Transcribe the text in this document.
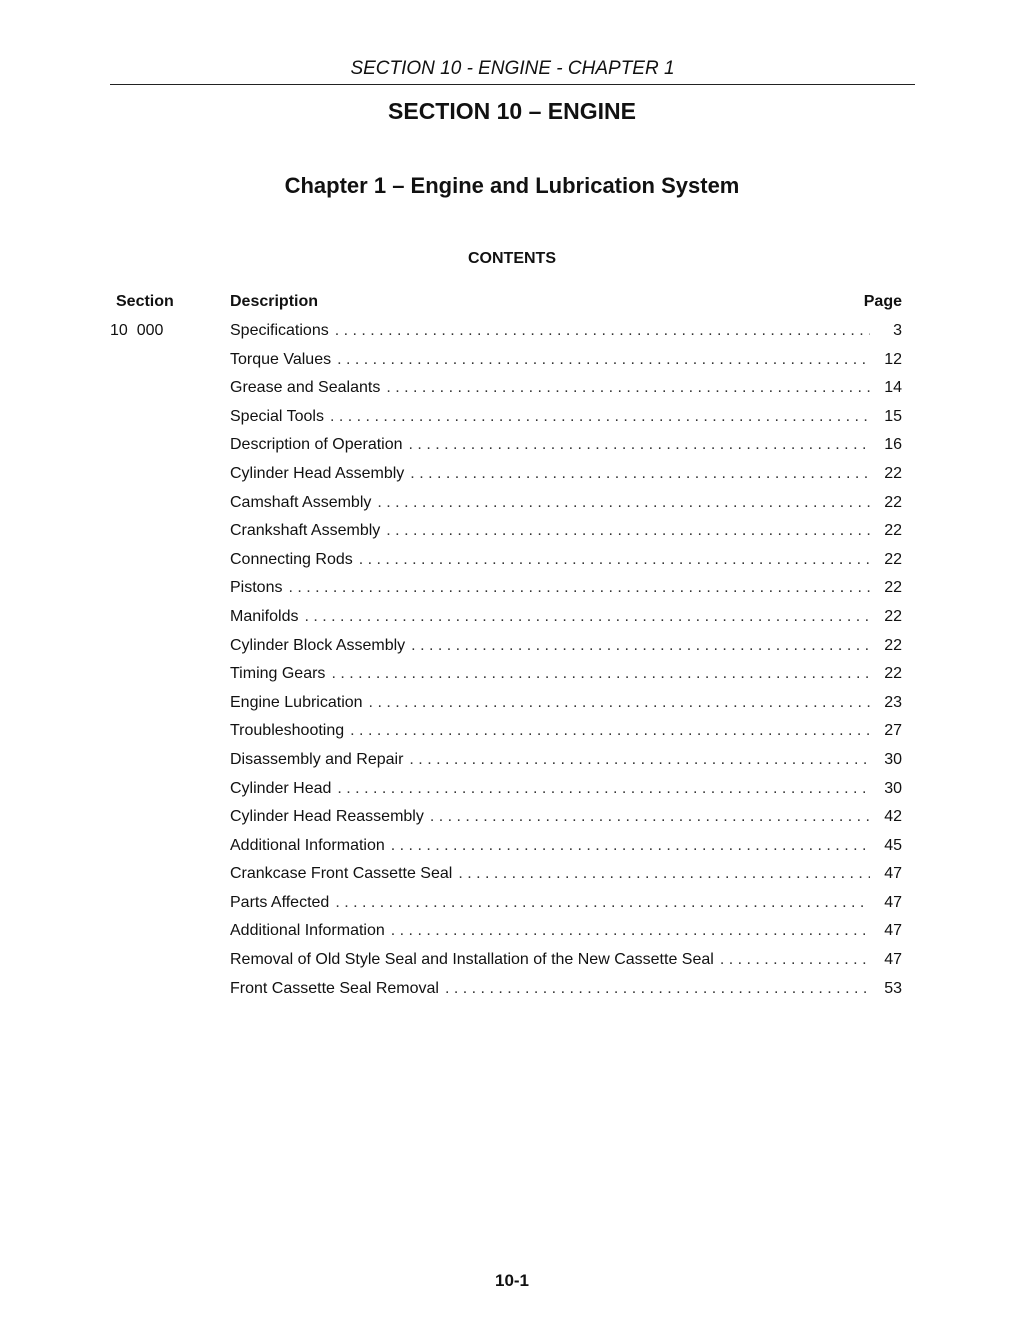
SECTION 10 - ENGINE - CHAPTER 1
SECTION 10 – ENGINE
Chapter 1 – Engine and Lubrication System
CONTENTS
Section	Description	Page
10  000	Specifications . . .	3
Torque Values . . .	12
Grease and Sealants . . .	14
Special Tools . . .	15
Description of Operation . . .	16
Cylinder Head Assembly . . .	22
Camshaft Assembly . . .	22
Crankshaft Assembly . . .	22
Connecting Rods . . .	22
Pistons . . .	22
Manifolds . . .	22
Cylinder Block Assembly . . .	22
Timing Gears . . .	22
Engine Lubrication . . .	23
Troubleshooting . . .	27
Disassembly and Repair . . .	30
Cylinder Head . . .	30
Cylinder Head Reassembly . . .	42
Additional Information . . .	45
Crankcase Front Cassette Seal . . .	47
Parts Affected . . .	47
Additional Information . . .	47
Removal of Old Style Seal and Installation of the New Cassette Seal . . .	47
Front Cassette Seal Removal . . .	53
10-1
